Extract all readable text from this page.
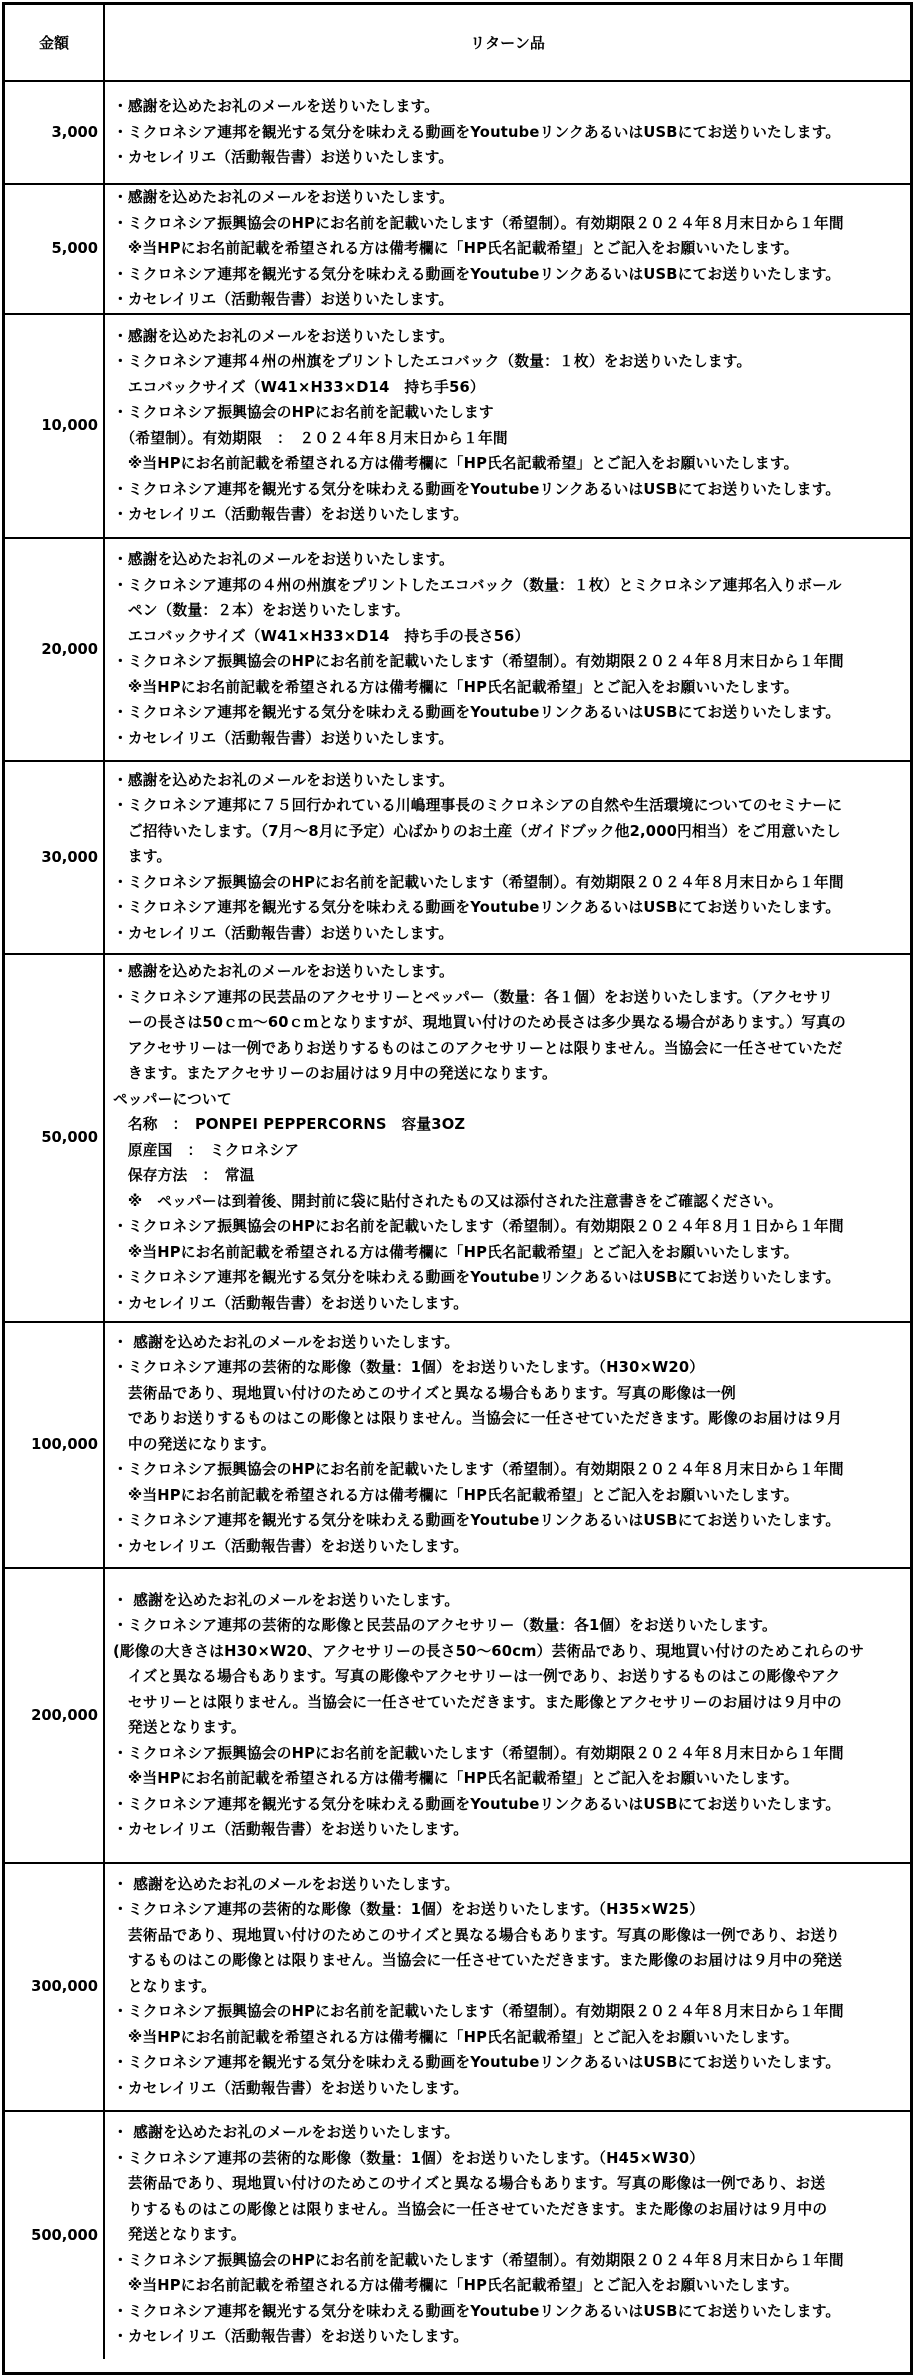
金額	リターン品
3,000
・感謝を込めたお礼のメールを送りいたします。
・ミクロネシア連邦を観光する気分を味わえる動画をYoutubeリンクあるいはUSBにてお送りいたします。
・カセレイリエ（活動報告書）お送りいたします。
5,000
・感謝を込めたお礼のメールをお送りいたします。
・ミクロネシア振興協会のHPにお名前を記載いたします（希望制）。有効期限２０２４年８月末日から１年間
　※当HPにお名前記載を希望される方は備考欄に「HP氏名記載希望」とご記入をお願いいたします。
・ミクロネシア連邦を観光する気分を味わえる動画をYoutubeリンクあるいはUSBにてお送りいたします。
・カセレイリエ（活動報告書）お送りいたします。
10,000
・感謝を込めたお礼のメールをお送りいたします。
・ミクロネシア連邦４州の州旗をプリントしたエコバック（数量：１枚）をお送りいたします。
　エコバックサイズ（W41×H33×D14　持ち手56）
・ミクロネシア振興協会のHPにお名前を記載いたします
　（希望制）。有効期限　：　２０２４年８月末日から１年間
　※当HPにお名前記載を希望される方は備考欄に「HP氏名記載希望」とご記入をお願いいたします。
・ミクロネシア連邦を観光する気分を味わえる動画をYoutubeリンクあるいはUSBにてお送りいたします。
・カセレイリエ（活動報告書）をお送りいたします。
20,000
・感謝を込めたお礼のメールをお送りいたします。
・ミクロネシア連邦の４州の州旗をプリントしたエコバック（数量：１枚）とミクロネシア連邦名入りボール
　ペン（数量：２本）をお送りいたします。
　エコバックサイズ（W41×H33×D14　持ち手の長さ56）
・ミクロネシア振興協会のHPにお名前を記載いたします（希望制）。有効期限２０２４年８月末日から１年間
　※当HPにお名前記載を希望される方は備考欄に「HP氏名記載希望」とご記入をお願いいたします。
・ミクロネシア連邦を観光する気分を味わえる動画をYoutubeリンクあるいはUSBにてお送りいたします。
・カセレイリエ（活動報告書）お送りいたします。
30,000
・感謝を込めたお礼のメールをお送りいたします。
・ミクロネシア連邦に７５回行かれている川嶋理事長のミクロネシアの自然や生活環境についてのセミナーに
　ご招待いたします。（7月～8月に予定）心ばかりのお土産（ガイドブック他2,000円相当）をご用意いたし
　ます。
・ミクロネシア振興協会のHPにお名前を記載いたします（希望制）。有効期限２０２４年８月末日から１年間
・ミクロネシア連邦を観光する気分を味わえる動画をYoutubeリンクあるいはUSBにてお送りいたします。
・カセレイリエ（活動報告書）お送りいたします。
50,000
・感謝を込めたお礼のメールをお送りいたします。
・ミクロネシア連邦の民芸品のアクセサリーとペッパー（数量：各１個）をお送りいたします。（アクセサリ
　ーの長さは50ｃｍ～60ｃｍとなりますが、現地買い付けのため長さは多少異なる場合があります。）写真の
　アクセサリーは一例でありお送りするものはこのアクセサリーとは限りません。当協会に一任させていただ
　きます。またアクセサリーのお届けは９月中の発送になります。
ペッパーについて
　名称　：　PONPEI PEPPERCORNS　容量3OZ
　原産国　：　ミクロネシア
　保存方法　：　常温
　※　ペッパーは到着後、開封前に袋に貼付されたもの又は添付された注意書きをご確認ください。
・ミクロネシア振興協会のHPにお名前を記載いたします（希望制）。有効期限２０２４年８月１日から１年間
　※当HPにお名前記載を希望される方は備考欄に「HP氏名記載希望」とご記入をお願いいたします。
・ミクロネシア連邦を観光する気分を味わえる動画をYoutubeリンクあるいはUSBにてお送りいたします。
・カセレイリエ（活動報告書）をお送りいたします。
100,000
・ 感謝を込めたお礼のメールをお送りいたします。
・ミクロネシア連邦の芸術的な彫像（数量：1個）をお送りいたします。（H30×W20）
　芸術品であり、現地買い付けのためこのサイズと異なる場合もあります。写真の彫像は一例
　でありお送りするものはこの彫像とは限りません。当協会に一任させていただきます。彫像のお届けは９月
　中の発送になります。
・ミクロネシア振興協会のHPにお名前を記載いたします（希望制）。有効期限２０２４年８月末日から１年間
　※当HPにお名前記載を希望される方は備考欄に「HP氏名記載希望」とご記入をお願いいたします。
・ミクロネシア連邦を観光する気分を味わえる動画をYoutubeリンクあるいはUSBにてお送りいたします。
・カセレイリエ（活動報告書）をお送りいたします。
200,000
・ 感謝を込めたお礼のメールをお送りいたします。
・ミクロネシア連邦の芸術的な彫像と民芸品のアクセサリー（数量：各1個）をお送りいたします。
(彫像の大きさはH30×W20、アクセサリーの長さ50～60cm）芸術品であり、現地買い付けのためこれらのサ
　イズと異なる場合もあります。写真の彫像やアクセサリーは一例であり、お送りするものはこの彫像やアク
　セサリーとは限りません。当協会に一任させていただきます。また彫像とアクセサリーのお届けは９月中の
　発送となります。
・ミクロネシア振興協会のHPにお名前を記載いたします（希望制）。有効期限２０２４年８月末日から１年間
　※当HPにお名前記載を希望される方は備考欄に「HP氏名記載希望」とご記入をお願いいたします。
・ミクロネシア連邦を観光する気分を味わえる動画をYoutubeリンクあるいはUSBにてお送りいたします。
・カセレイリエ（活動報告書）をお送りいたします。
300,000
・ 感謝を込めたお礼のメールをお送りいたします。
・ミクロネシア連邦の芸術的な彫像（数量：1個）をお送りいたします。（H35×W25）
　芸術品であり、現地買い付けのためこのサイズと異なる場合もあります。写真の彫像は一例であり、お送り
　するものはこの彫像とは限りません。当協会に一任させていただきます。また彫像のお届けは９月中の発送
　となります。
・ミクロネシア振興協会のHPにお名前を記載いたします（希望制）。有効期限２０２４年８月末日から１年間
　※当HPにお名前記載を希望される方は備考欄に「HP氏名記載希望」とご記入をお願いいたします。
・ミクロネシア連邦を観光する気分を味わえる動画をYoutubeリンクあるいはUSBにてお送りいたします。
・カセレイリエ（活動報告書）をお送りいたします。
500,000
・ 感謝を込めたお礼のメールをお送りいたします。
・ミクロネシア連邦の芸術的な彫像（数量：1個）をお送りいたします。（H45×W30）
　芸術品であり、現地買い付けのためこのサイズと異なる場合もあります。写真の彫像は一例であり、お送
　りするものはこの彫像とは限りません。当協会に一任させていただきます。また彫像のお届けは９月中の
　発送となります。
・ミクロネシア振興協会のHPにお名前を記載いたします（希望制）。有効期限２０２４年８月末日から１年間
　※当HPにお名前記載を希望される方は備考欄に「HP氏名記載希望」とご記入をお願いいたします。
・ミクロネシア連邦を観光する気分を味わえる動画をYoutubeリンクあるいはUSBにてお送りいたします。
・カセレイリエ（活動報告書）をお送りいたします。
